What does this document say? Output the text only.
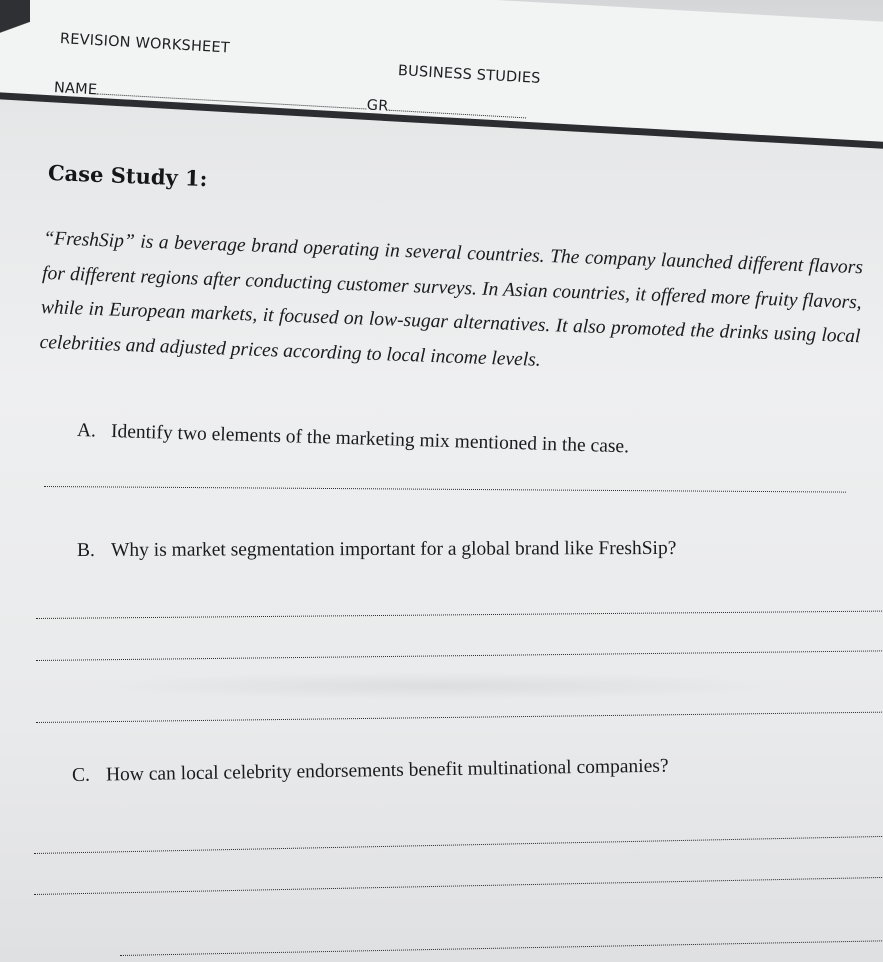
REVISION WORKSHEET
BUSINESS STUDIES
NAME
GR
Case Study 1:
“FreshSip” is a beverage brand operating in several countries. The company launched different flavors for different regions after conducting customer surveys. In Asian countries, it offered more fruity flavors, while in European markets, it focused on low-sugar alternatives. It also promoted the drinks using local celebrities and adjusted prices according to local income levels.
A. Identify two elements of the marketing mix mentioned in the case.
B. Why is market segmentation important for a global brand like FreshSip?
C. How can local celebrity endorsements benefit multinational companies?
